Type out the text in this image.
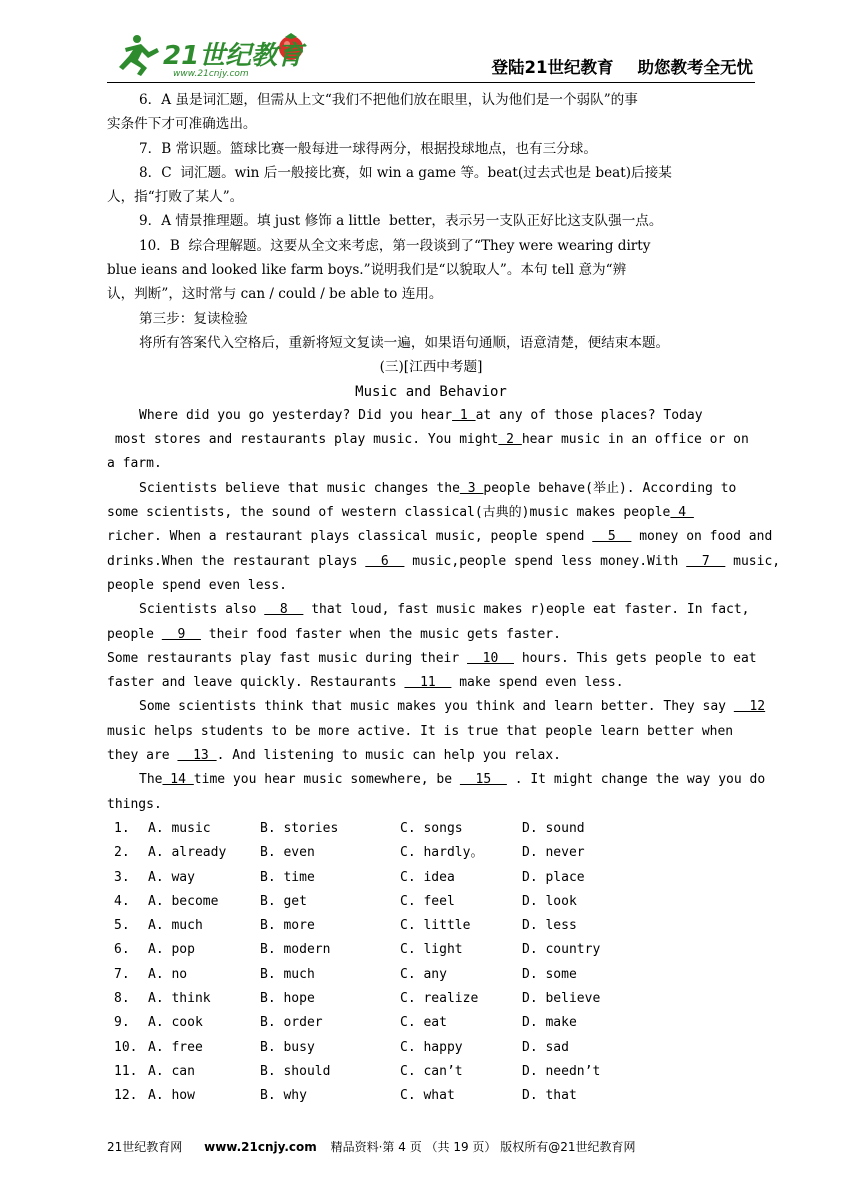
21世纪教育
www.21cnjy.com	登陆21世纪教育 助您教考全无忧
6．A 虽是词汇题，但需从上文“我们不把他们放在眼里，认为他们是一个弱队”的事
实条件下才可准确选出。
7．B 常识题。篮球比赛一般每进一球得两分，根据投球地点，也有三分球。
8．C  词汇题。win 后一般接比赛，如 win a game 等。beat(过去式也是 beat)后接某
人，指“打败了某人”。
9．A 情景推理题。填 just 修饰 a little  better，表示另一支队正好比这支队强一点。
10．B  综合理解题。这要从全文来考虑，第一段谈到了“They were wearing dirty
blue ieans and looked like farm boys.”说明我们是“以貌取人”。本句 tell 意为“辨
认，判断”，这时常与 can / could / be able to 连用。
第三步：复读检验
将所有答案代入空格后，重新将短文复读一遍，如果语句通顺，语意清楚，便结束本题。
(三)[江西中考题]
Music and Behavior
Where did you go yesterday? Did you hear 1 at any of those places? Today
most stores and restaurants play music. You might 2 hear music in an office or on
a farm.
Scientists believe that music changes the 3 people behave(举止). According to
some scientists, the sound of western classical(古典的)music makes people 4
richer. When a restaurant plays classical music, people spend   5   money on food and
drinks.When the restaurant plays   6   music,people spend less money.With   7   music,
people spend even less.
Scientists also   8   that loud, fast music makes r)eople eat faster. In fact,
people   9   their food faster when the music gets faster.
Some restaurants play fast music during their   10   hours. This gets people to eat
faster and leave quickly. Restaurants   11   make spend even less.
Some scientists think that music makes you think and learn better. They say   12
music helps students to be more active. It is true that people learn better when
they are   13 . And listening to music can help you relax.
The 14 time you hear music somewhere, be   15   . It might change the way you do
things.
1. A. music	B. stories	C. songs	D. sound
2. A. already	B. even	C. hardly。	D. never
3. A. way	B. time	C. idea	D. place
4. A. become	B. get	C. feel	D. look
5. A. much	B. more	C. little	D. less
6. A. pop	B. modern	C. light	D. country
7. A. no	B. much	C. any	D. some
8. A. think	B. hope	C. realize	D. believe
9. A. cook	B. order	C. eat	D. make
10. A. free	B. busy	C. happy	D. sad
11. A. can	B. should	C. can’t	D. needn’t
12. A. how	B. why	C. what	D. that
21世纪教育网 www.21cnjy.com 精品资料·第 4 页 （共 19 页） 版权所有@21世纪教育网
